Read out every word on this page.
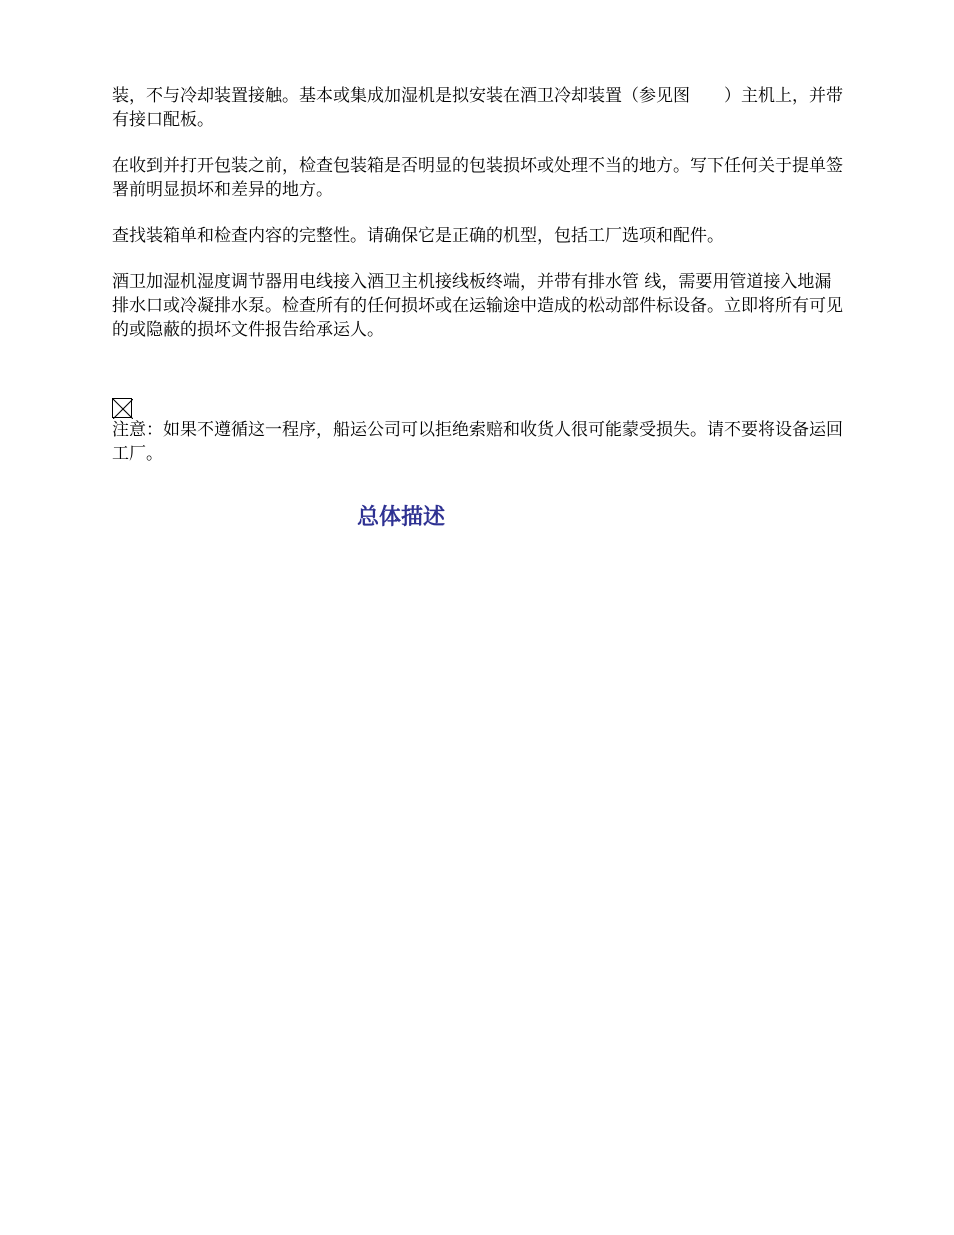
装，不与冷却装置接触。基本或集成加湿机是拟安装在酒卫冷却装置（参见图　　）主机上，并带有接口配板。

在收到并打开包装之前，检查包装箱是否明显的包装损坏或处理不当的地方。写下任何关于提单签署前明显损坏和差异的地方。

查找装箱单和检查内容的完整性。请确保它是正确的机型，包括工厂选项和配件。

酒卫加湿机湿度调节器用电线接入酒卫主机接线板终端，并带有排水管 线，需要用管道接入地漏排水口或冷凝排水泵。检查所有的任何损坏或在运输途中造成的松动部件标设备。立即将所有可见的或隐蔽的损坏文件报告给承运人。

注意：如果不遵循这一程序，船运公司可以拒绝索赔和收货人很可能蒙受损失。请不要将设备运回工厂。

总体描述
